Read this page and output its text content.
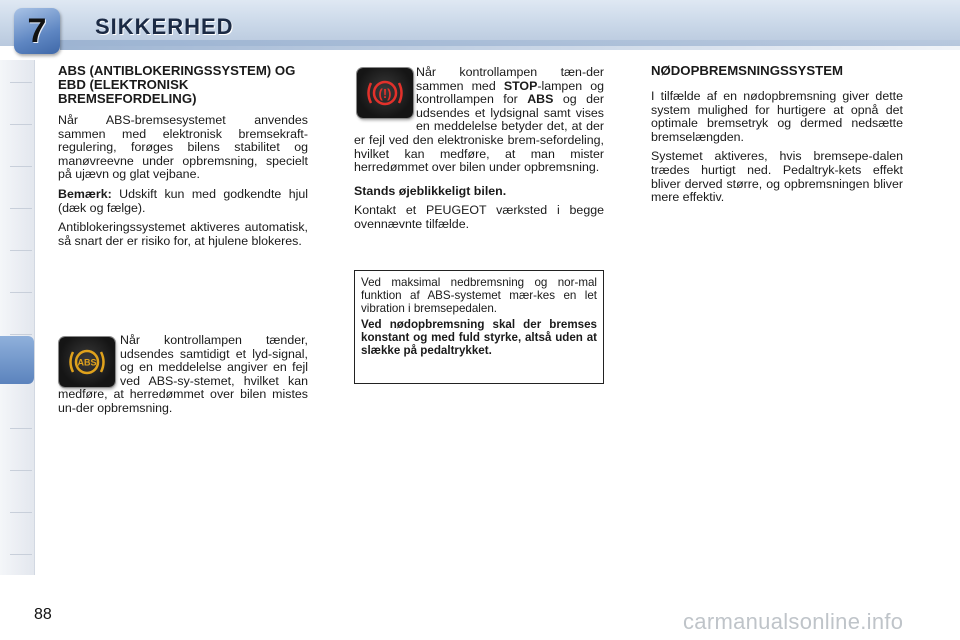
7 SIKKERHED
ABS (ANTIBLOKERINGSSYSTEM) OG EBD (ELEKTRONISK BREMSEFORDELING)

Når ABS-bremsesystemet anvendes sammen med elektronisk bremsekraft-regulering, forøges bilens stabilitet og manøvreevne under opbremsning, specielt på ujævn og glat vejbane.

Bemærk: Udskift kun med godkendte hjul (dæk og fælge).

Antiblokeringssystemet aktiveres automatisk, så snart der er risiko for, at hjulene blokeres.

ABS

Når kontrollampen tænder, udsendes samtidigt et lyd-signal, og en meddelelse angiver en fejl ved ABS-sy-stemet, hvilket kan medføre, at herredømmet over bilen mistes un-der opbremsning.

(!)

Når kontrollampen tæn-der sammen med STOP-lampen og kontrollampen for ABS og der udsendes et lydsignal samt vises en meddelelse betyder det, at der er fejl ved den elektroniske brem-sefordeling, hvilket kan medføre, at man mister herredømmet over bilen under opbremsning.

Stands øjeblikkeligt bilen.

Kontakt et PEUGEOT værksted i begge ovennævnte tilfælde.

Ved maksimal nedbremsning og nor-mal funktion af ABS-systemet mær-kes en let vibration i bremsepedalen.

Ved nødopbremsning skal der bremses konstant og med fuld styrke, altså uden at slække på pedaltrykket.

NØDOPBREMSNINGSSYSTEM

I tilfælde af en nødopbremsning giver dette system mulighed for hurtigere at opnå det optimale bremsetryk og dermed nedsætte bremselængden.

Systemet aktiveres, hvis bremsepe-dalen trædes hurtigt ned. Pedaltryk-kets effekt bliver derved større, og opbremsningen bliver mere effektiv.

88	carmanualsonline.info
